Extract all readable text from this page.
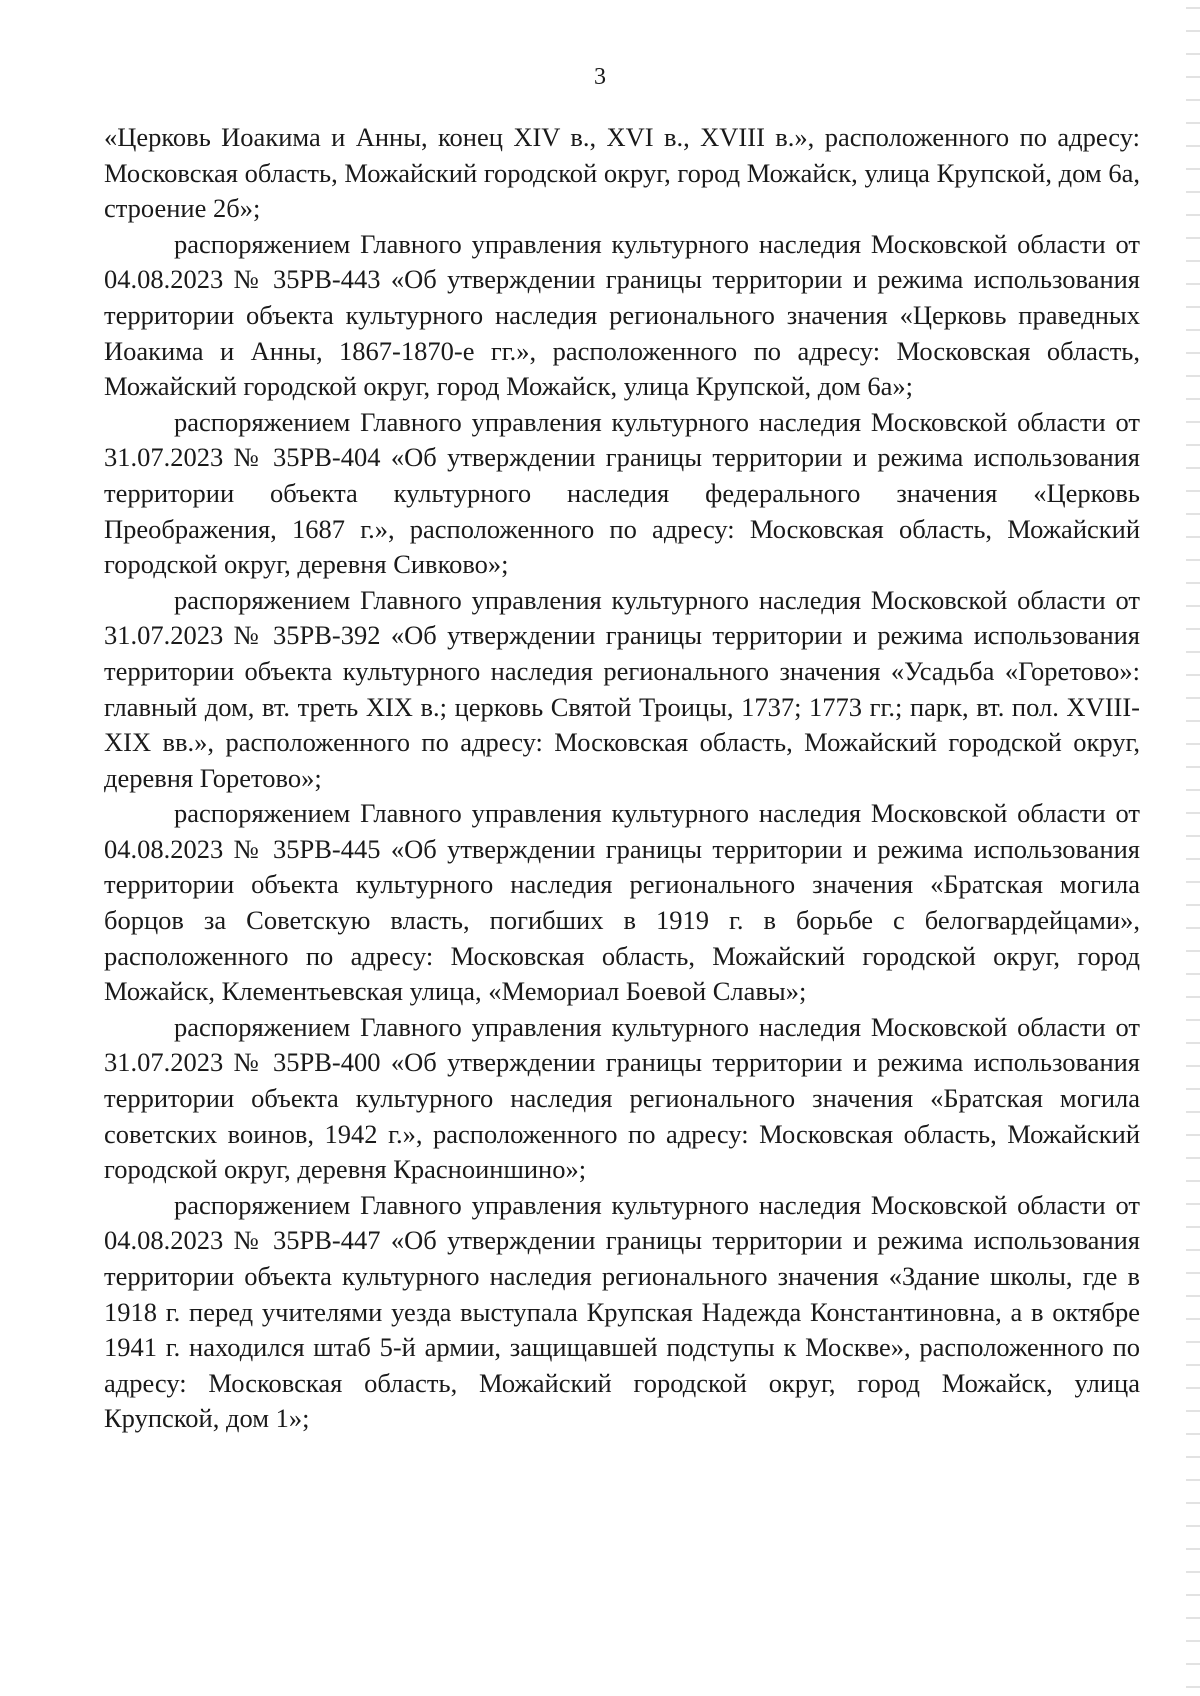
3

«Церковь Иоакима и Анны, конец XIV в., XVI в., XVIII в.», расположенного по адресу: Московская область, Можайский городской округ, город Можайск, улица Крупской, дом 6а, строение 2б»;

распоряжением Главного управления культурного наследия Московской области от 04.08.2023 № 35РВ-443 «Об утверждении границы территории и режима использования территории объекта культурного наследия регионального значения «Церковь праведных Иоакима и Анны, 1867-1870-е гг.», расположенного по адресу: Московская область, Можайский городской округ, город Можайск, улица Крупской, дом 6а»;

распоряжением Главного управления культурного наследия Московской области от 31.07.2023 № 35РВ-404 «Об утверждении границы территории и режима использования территории объекта культурного наследия федерального значения «Церковь Преображения, 1687 г.», расположенного по адресу: Московская область, Можайский городской округ, деревня Сивково»;

распоряжением Главного управления культурного наследия Московской области от 31.07.2023 № 35РВ-392 «Об утверждении границы территории и режима использования территории объекта культурного наследия регионального значения «Усадьба «Горетово»: главный дом, вт. треть XIX в.; церковь Святой Троицы, 1737; 1773 гг.; парк, вт. пол. XVIII-XIX вв.», расположенного по адресу: Московская область, Можайский городской округ, деревня Горетово»;

распоряжением Главного управления культурного наследия Московской области от 04.08.2023 № 35РВ-445 «Об утверждении границы территории и режима использования территории объекта культурного наследия регионального значения «Братская могила борцов за Советскую власть, погибших в 1919 г. в борьбе с белогвардейцами», расположенного по адресу: Московская область, Можайский городской округ, город Можайск, Клементьевская улица, «Мемориал Боевой Славы»;

распоряжением Главного управления культурного наследия Московской области от 31.07.2023 № 35РВ-400 «Об утверждении границы территории и режима использования территории объекта культурного наследия регионального значения «Братская могила советских воинов, 1942 г.», расположенного по адресу: Московская область, Можайский городской округ, деревня Красноиншино»;

распоряжением Главного управления культурного наследия Московской области от 04.08.2023 № 35РВ-447 «Об утверждении границы территории и режима использования территории объекта культурного наследия регионального значения «Здание школы, где в 1918 г. перед учителями уезда выступала Крупская Надежда Константиновна, а в октябре 1941 г. находился штаб 5-й армии, защищавшей подступы к Москве», расположенного по адресу: Московская область, Можайский городской округ, город Можайск, улица Крупской, дом 1»;
